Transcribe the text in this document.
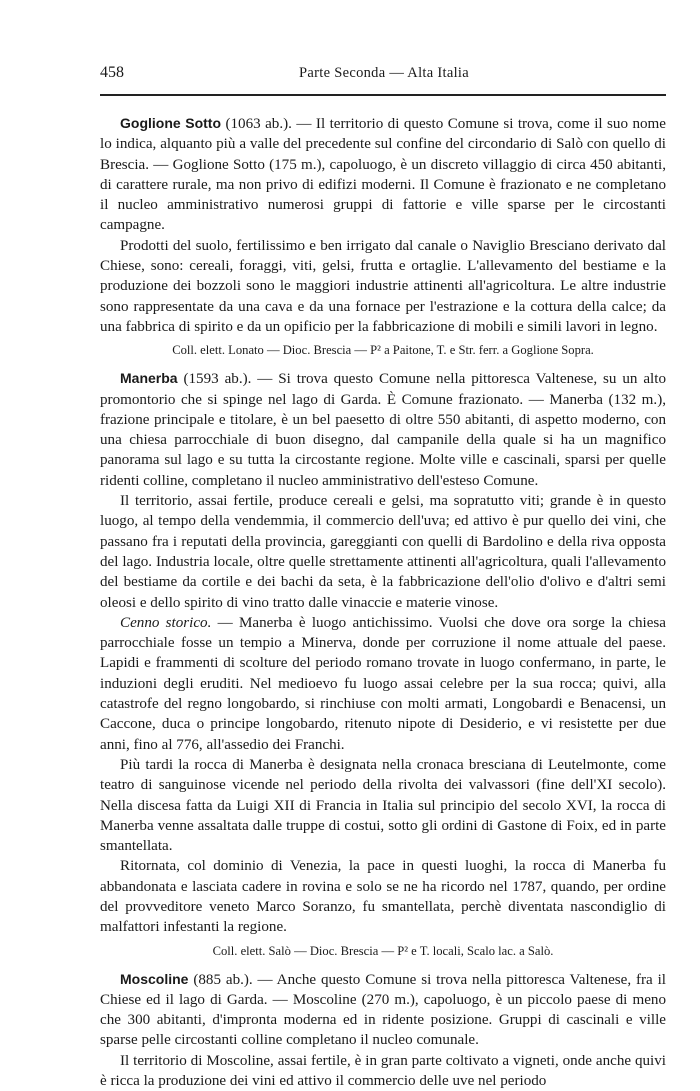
458	Parte Seconda — Alta Italia

Goglione Sotto (1063 ab.). — Il territorio di questo Comune si trova, come il suo nome lo indica, alquanto più a valle del precedente sul confine del circondario di Salò con quello di Brescia. — Goglione Sotto (175 m.), capoluogo, è un discreto villaggio di circa 450 abitanti, di carattere rurale, ma non privo di edifizi moderni. Il Comune è frazionato e ne completano il nucleo amministrativo numerosi gruppi di fattorie e ville sparse per le circostanti campagne.

Prodotti del suolo, fertilissimo e ben irrigato dal canale o Naviglio Bresciano derivato dal Chiese, sono: cereali, foraggi, viti, gelsi, frutta e ortaglie. L'allevamento del bestiame e la produzione dei bozzoli sono le maggiori industrie attinenti all'agricoltura. Le altre industrie sono rappresentate da una cava e da una fornace per l'estrazione e la cottura della calce; da una fabbrica di spirito e da un opificio per la fabbricazione di mobili e simili lavori in legno.

Coll. elett. Lonato — Dioc. Brescia — P² a Paitone, T. e Str. ferr. a Goglione Sopra.

Manerba (1593 ab.). — Si trova questo Comune nella pittoresca Valtenese, su un alto promontorio che si spinge nel lago di Garda. È Comune frazionato. — Manerba (132 m.), frazione principale e titolare, è un bel paesetto di oltre 550 abitanti, di aspetto moderno, con una chiesa parrocchiale di buon disegno, dal campanile della quale si ha un magnifico panorama sul lago e su tutta la circostante regione. Molte ville e cascinali, sparsi per quelle ridenti colline, completano il nucleo amministrativo dell'esteso Comune.

Il territorio, assai fertile, produce cereali e gelsi, ma sopratutto viti; grande è in questo luogo, al tempo della vendemmia, il commercio dell'uva; ed attivo è pur quello dei vini, che passano fra i reputati della provincia, gareggianti con quelli di Bardolino e della riva opposta del lago. Industria locale, oltre quelle strettamente attinenti all'agricoltura, quali l'allevamento del bestiame da cortile e dei bachi da seta, è la fabbricazione dell'olio d'olivo e d'altri semi oleosi e dello spirito di vino tratto dalle vinaccie e materie vinose.

Cenno storico. — Manerba è luogo antichissimo. Vuolsi che dove ora sorge la chiesa parrocchiale fosse un tempio a Minerva, donde per corruzione il nome attuale del paese. Lapidi e frammenti di scolture del periodo romano trovate in luogo confermano, in parte, le induzioni degli eruditi. Nel medioevo fu luogo assai celebre per la sua rocca; quivi, alla catastrofe del regno longobardo, si rinchiuse con molti armati, Longobardi e Benacensi, un Caccone, duca o principe longobardo, ritenuto nipote di Desiderio, e vi resistette per due anni, fino al 776, all'assedio dei Franchi.

Più tardi la rocca di Manerba è designata nella cronaca bresciana di Leutelmonte, come teatro di sanguinose vicende nel periodo della rivolta dei valvassori (fine dell'XI secolo). Nella discesa fatta da Luigi XII di Francia in Italia sul principio del secolo XVI, la rocca di Manerba venne assaltata dalle truppe di costui, sotto gli ordini di Gastone di Foix, ed in parte smantellata.

Ritornata, col dominio di Venezia, la pace in questi luoghi, la rocca di Manerba fu abbandonata e lasciata cadere in rovina e solo se ne ha ricordo nel 1787, quando, per ordine del provveditore veneto Marco Soranzo, fu smantellata, perchè diventata nascondiglio di malfattori infestanti la regione.

Coll. elett. Salò — Dioc. Brescia — P² e T. locali, Scalo lac. a Salò.

Moscoline (885 ab.). — Anche questo Comune si trova nella pittoresca Valtenese, fra il Chiese ed il lago di Garda. — Moscoline (270 m.), capoluogo, è un piccolo paese di meno che 300 abitanti, d'impronta moderna ed in ridente posizione. Gruppi di cascinali e ville sparse pelle circostanti colline completano il nucleo comunale.

Il territorio di Moscoline, assai fertile, è in gran parte coltivato a vigneti, onde anche quivi è ricca la produzione dei vini ed attivo il commercio delle uve nel periodo
